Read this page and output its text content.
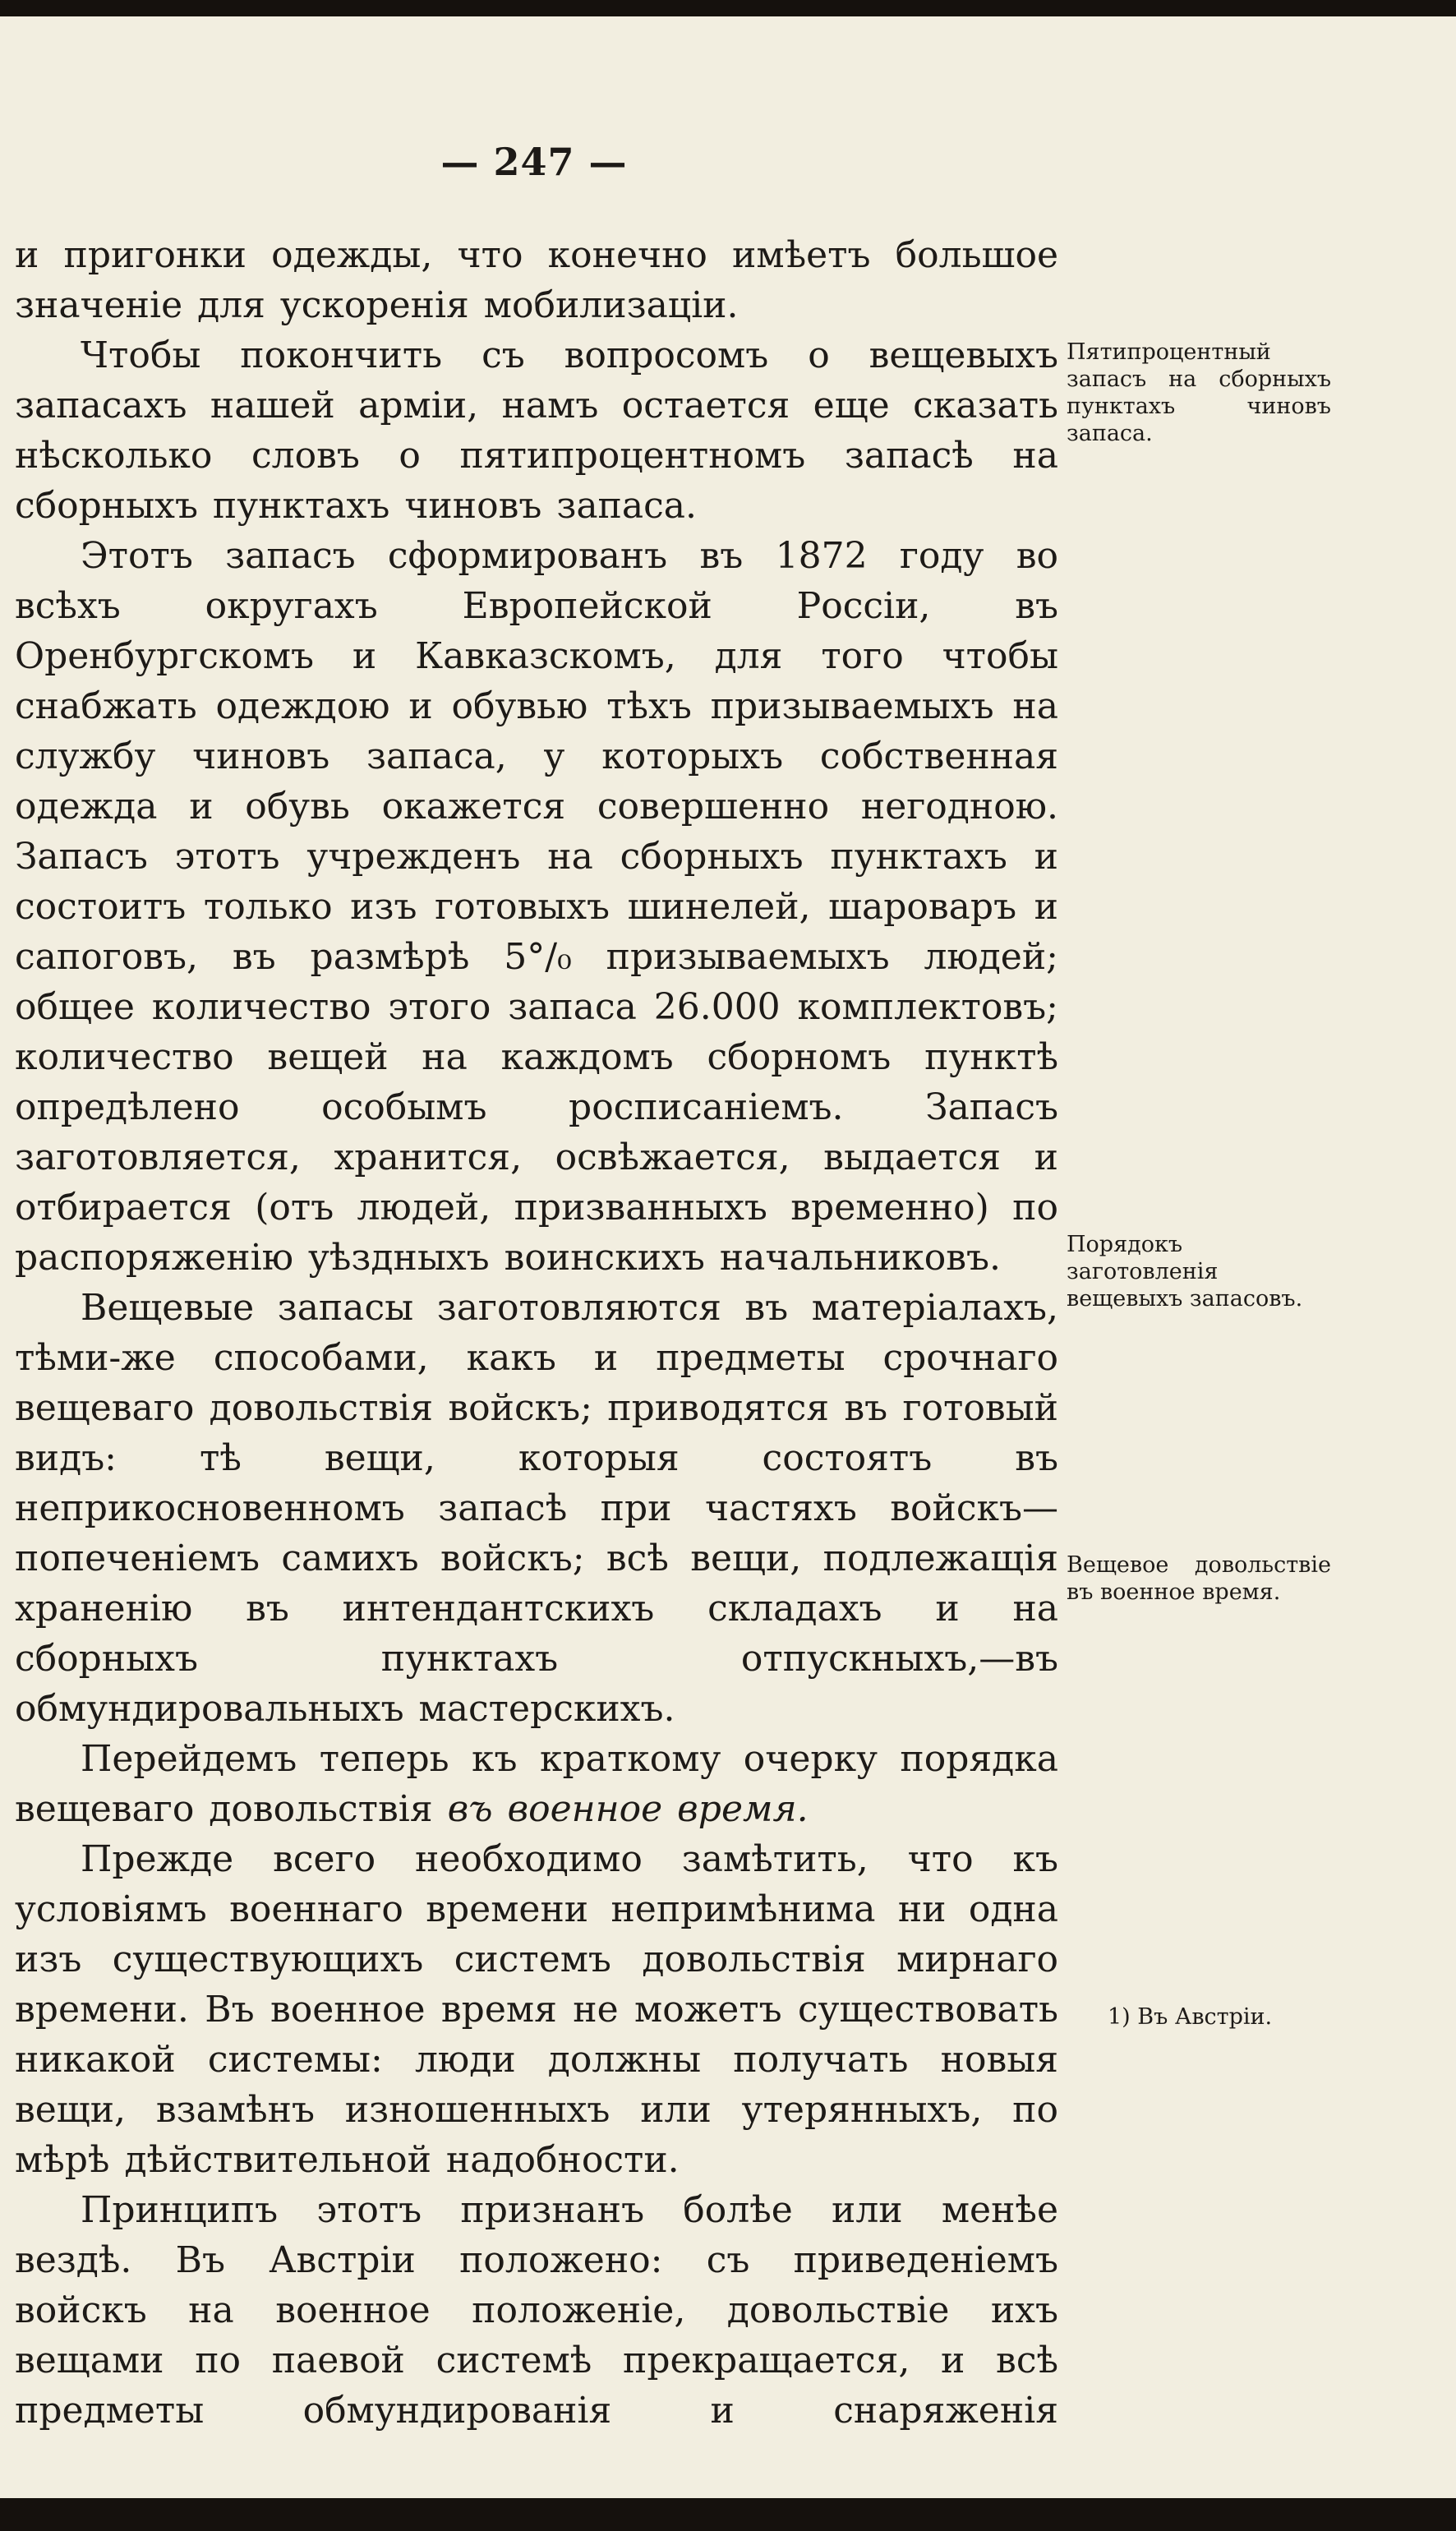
— 247 —

и пригонки одежды, что конечно имѣетъ большое значеніе для ускоренія мобилизаціи.

Чтобы покончить съ вопросомъ о вещевыхъ запасахъ нашей арміи, намъ остается еще сказать нѣсколько словъ о пятипроцентномъ запасѣ на сборныхъ пунктахъ чиновъ запаса.

Этотъ запасъ сформированъ въ 1872 году во всѣхъ округахъ Европейской Россіи, въ Оренбургскомъ и Кавказскомъ, для того чтобы снабжать одеждою и обувью тѣхъ призываемыхъ на службу чиновъ запаса, у которыхъ собственная одежда и обувь окажется совершенно негодною. Запасъ этотъ учрежденъ на сборныхъ пунктахъ и состоитъ только изъ готовыхъ шинелей, шароваръ и сапоговъ, въ размѣрѣ 5°/₀ призываемыхъ людей; общее количество этого запаса 26.000 комплектовъ; количество вещей на каждомъ сборномъ пунктѣ опредѣлено особымъ росписаніемъ. Запасъ заготовляется, хранится, освѣжается, выдается и отбирается (отъ людей, призванныхъ временно) по распоряженію уѣздныхъ воинскихъ начальниковъ.

Вещевые запасы заготовляются въ матеріалахъ, тѣми-же способами, какъ и предметы срочнаго вещеваго довольствія войскъ; приводятся въ готовый видъ: тѣ вещи, которыя состоятъ въ неприкосновенномъ запасѣ при частяхъ войскъ— попеченіемъ самихъ войскъ; всѣ вещи, подлежащія храненію въ интендантскихъ складахъ и на сборныхъ пунктахъ отпускныхъ,—въ обмундировальныхъ мастерскихъ.

Перейдемъ теперь къ краткому очерку порядка вещеваго довольствія въ военное время.

Прежде всего необходимо замѣтить, что къ условіямъ военнаго времени непримѣнима ни одна изъ существующихъ системъ довольствія мирнаго времени. Въ военное время не можетъ существовать никакой системы: люди должны получать новыя вещи, взамѣнъ изношенныхъ или утерянныхъ, по мѣрѣ дѣйствительной надобности.

Принципъ этотъ признанъ болѣе или менѣе вездѣ. Въ Австріи положено: съ приведеніемъ войскъ на военное положеніе, довольствіе ихъ вещами по паевой системѣ прекращается, и всѣ предметы обмундированія и снаряженія

Пятипроцентный запасъ на сборныхъ пунктахъ чиновъ запаса.
Порядокъ заготовленія вещевыхъ запасовъ.
Вещевое довольствіе въ военное время.
1) Въ Австріи.
